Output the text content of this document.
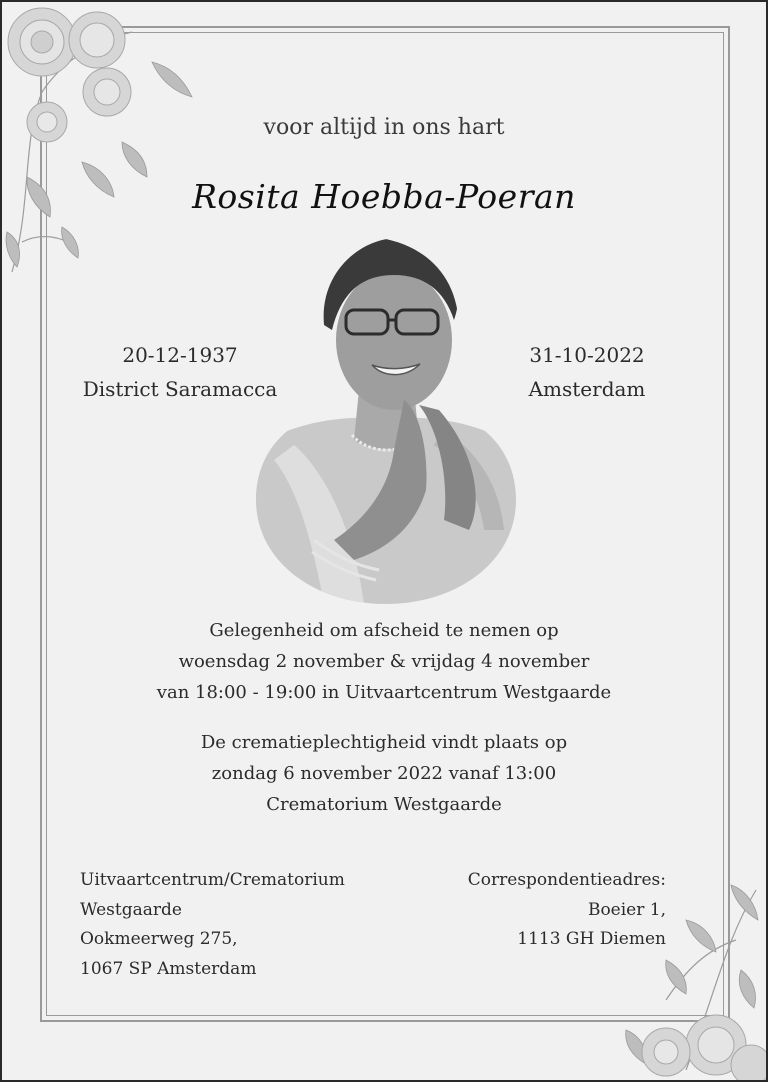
voor altijd in ons hart
Rosita Hoebba-Poeran
20-12-1937
District Saramacca
31-10-2022
Amsterdam
Gelegenheid om afscheid te nemen op
woensdag 2 november & vrijdag 4 november
van 18:00 - 19:00 in Uitvaartcentrum Westgaarde
De crematieplechtigheid vindt plaats op
zondag 6 november 2022 vanaf 13:00
Crematorium Westgaarde
Uitvaartcentrum/Crematorium
Westgaarde
Ookmeerweg 275,
1067 SP Amsterdam
Correspondentieadres:
Boeier 1,
1113 GH Diemen
